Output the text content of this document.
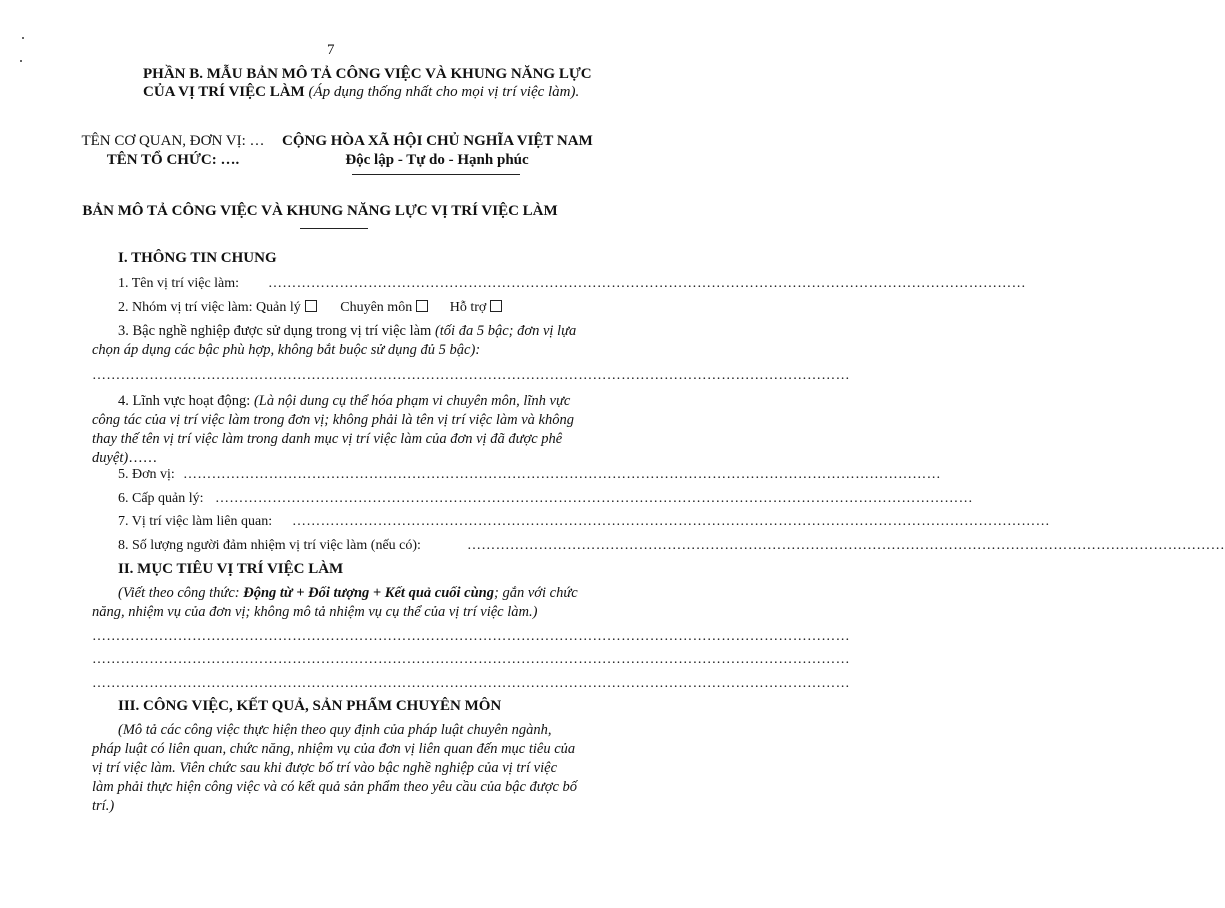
7
PHẦN B. MẪU BẢN MÔ TẢ CÔNG VIỆC VÀ KHUNG NĂNG LỰC
CỦA VỊ TRÍ VIỆC LÀM (Áp dụng thống nhất cho mọi vị trí việc làm).
TÊN CƠ QUAN, ĐƠN VỊ: …
TÊN TỔ CHỨC: ….
CỘNG HÒA XÃ HỘI CHỦ NGHĨA VIỆT NAM
Độc lập - Tự do - Hạnh phúc
BẢN MÔ TẢ CÔNG VIỆC VÀ KHUNG NĂNG LỰC VỊ TRÍ VIỆC LÀM
I. THÔNG TIN CHUNG
1. Tên vị trí việc làm: ……………………………………………………………………………………………………………………………………………
2. Nhóm vị trí việc làm: Quản lý	Chuyên môn	Hỗ trợ
3. Bậc nghề nghiệp được sử dụng trong vị trí việc làm (tối đa 5 bậc; đơn vị lựa chọn áp dụng các bậc phù hợp, không bắt buộc sử dụng đủ 5 bậc):
……………………………………………………………………………………………………………………………………………
4. Lĩnh vực hoạt động: (Là nội dung cụ thể hóa phạm vi chuyên môn, lĩnh vực công tác của vị trí việc làm trong đơn vị; không phải là tên vị trí việc làm và không thay thế tên vị trí việc làm trong danh mục vị trí việc làm của đơn vị đã được phê duyệt)……
5. Đơn vị: ……………………………………………………………………………………………………………………………………………
6. Cấp quản lý: ……………………………………………………………………………………………………………………………………………
7. Vị trí việc làm liên quan: ……………………………………………………………………………………………………………………………………………
8. Số lượng người đảm nhiệm vị trí việc làm (nếu có):	……………………………………………………………………………………………………………………………………………
II. MỤC TIÊU VỊ TRÍ VIỆC LÀM
(Viết theo công thức: Động từ + Đối tượng + Kết quả cuối cùng; gắn với chức năng, nhiệm vụ của đơn vị; không mô tả nhiệm vụ cụ thể của vị trí việc làm.)
……………………………………………………………………………………………………………………………………………
……………………………………………………………………………………………………………………………………………
……………………………………………………………………………………………………………………………………………
III. CÔNG VIỆC, KẾT QUẢ, SẢN PHẨM CHUYÊN MÔN
(Mô tả các công việc thực hiện theo quy định của pháp luật chuyên ngành, pháp luật có liên quan, chức năng, nhiệm vụ của đơn vị liên quan đến mục tiêu của vị trí việc làm. Viên chức sau khi được bố trí vào bậc nghề nghiệp của vị trí việc làm phải thực hiện công việc và có kết quả sản phẩm theo yêu cầu của bậc được bố trí.)
